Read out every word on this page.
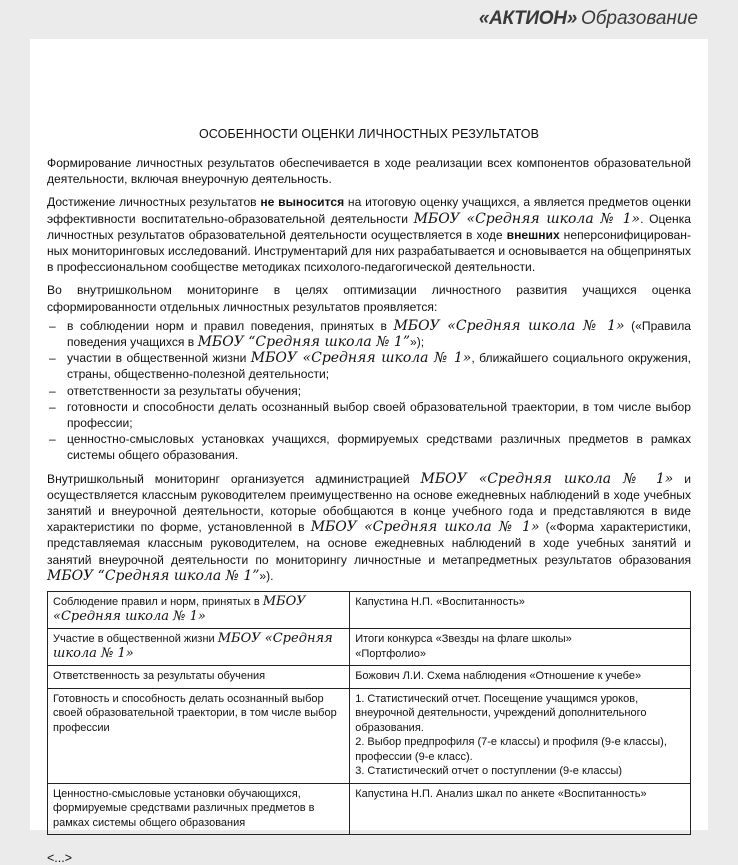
«АКТИОН» Образование
ОСОБЕННОСТИ ОЦЕНКИ ЛИЧНОСТНЫХ РЕЗУЛЬТАТОВ

Формирование личностных результатов обеспечивается в ходе реализации всех компонентов образовательной деятельности, включая внеурочную деятельность.

Достижение личностных результатов не выносится на итоговую оценку учащихся, а является предметов оценки эффективности воспитательно-образовательной деятельности МБОУ «Средняя школа № 1». Оценка личностных результатов образовательной деятельности осуществляется в ходе внешних неперсонифицированных мониторинговых исследований. Инструментарий для них разрабатывается и основывается на общепринятых в профессиональном сообществе методиках психолого-педагогической деятельности.

Во внутришкольном мониторинге в целях оптимизации личностного развития учащихся оценка сформированности отдельных личностных результатов проявляется:

– в соблюдении норм и правил поведения, принятых в МБОУ «Средняя школа № 1» («Правила поведения учащихся в МБОУ “Средняя школа № 1”»);
– участии в общественной жизни МБОУ «Средняя школа № 1», ближайшего социального окружения, страны, общественно-полезной деятельности;
– ответственности за результаты обучения;
– готовности и способности делать осознанный выбор своей образовательной траектории, в том числе выбор профессии;
– ценностно-смысловых установках учащихся, формируемых средствами различных предметов в рамках системы общего образования.

Внутришкольный мониторинг организуется администрацией МБОУ «Средняя школа № 1» и осуществляется классным руководителем преимущественно на основе ежедневных наблюдений в ходе учебных занятий и внеурочной деятельности, которые обобщаются в конце учебного года и представляются в виде характеристики по форме, установленной в МБОУ «Средняя школа № 1» («Форма характеристики, представляемая классным руководителем, на основе ежедневных наблюдений в ходе учебных занятий и занятий внеурочной деятельности по мониторингу личностные и метапредметных результатов образования МБОУ “Средняя школа № 1”»).

Соблюдение правил и норм, принятых в МБОУ «Средняя школа № 1»	Капустина Н.П. «Воспитанность»
Участие в общественной жизни МБОУ «Средняя школа № 1»	Итоги конкурса «Звезды на флаге школы»
«Портфолио»

Ответственность за результаты обучения	Божович Л.И. Схема наблюдения «Отношение к учебе»
Готовность и способность делать осознанный выбор своей образовательной траектории, в том числе выбор профессии	1. Статистический отчет. Посещение учащимся уроков, внеурочной деятельности, учреждений дополнительного образования.
2. Выбор предпрофиля (7-е классы) и профиля (9-е классы), профессии (9-е класс).
3. Статистический отчет о поступлении (9-е классы)

Ценностно-смысловые установки обучающихся, формируемые средствами различных предметов в рамках системы общего образования	Капустина Н.П. Анализ шкал по анкете «Воспитанность»
<...>
